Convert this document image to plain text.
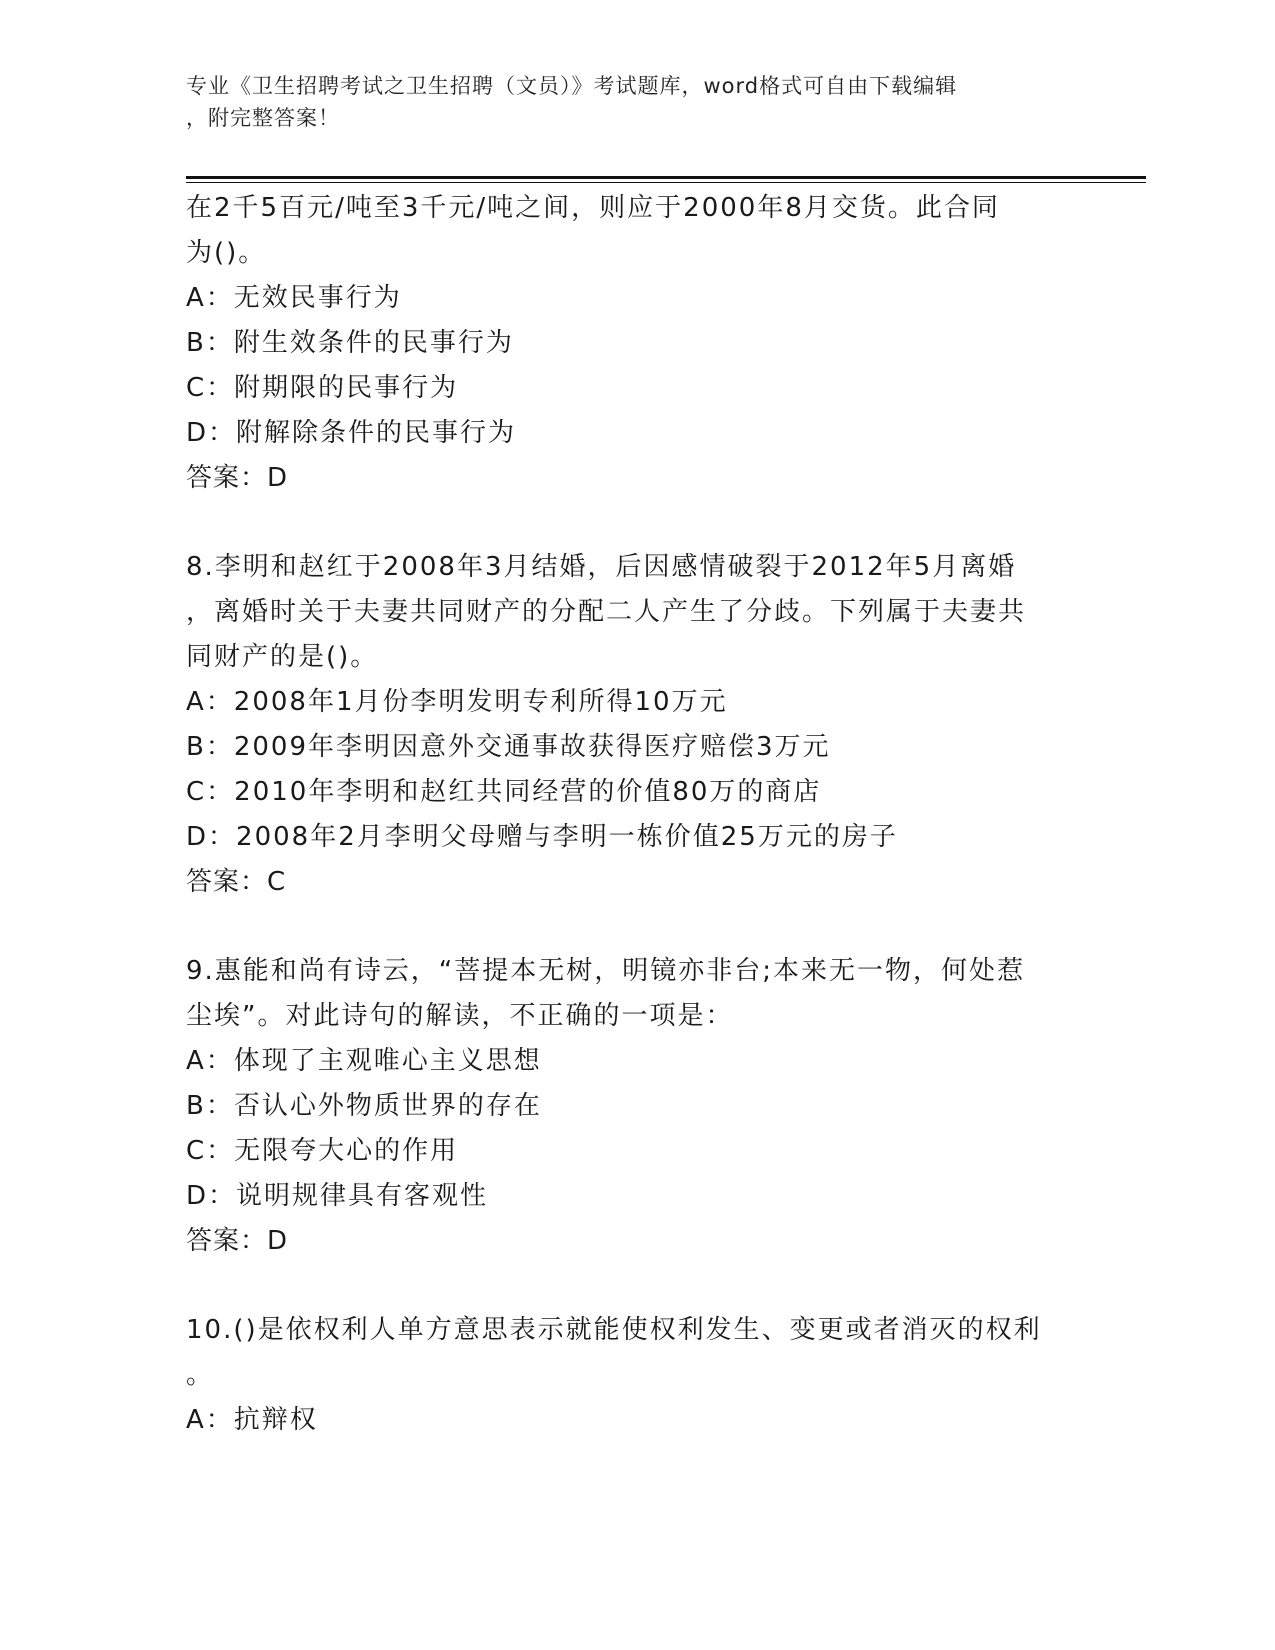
专业《卫生招聘考试之卫生招聘（文员）》考试题库，word格式可自由下载编辑
，附完整答案！
在2千5百元/吨至3千元/吨之间，则应于2000年8月交货。此合同
为()。
A：无效民事行为
B：附生效条件的民事行为
C：附期限的民事行为
D：附解除条件的民事行为
答案：D
8.李明和赵红于2008年3月结婚，后因感情破裂于2012年5月离婚
，离婚时关于夫妻共同财产的分配二人产生了分歧。下列属于夫妻共
同财产的是()。
A：2008年1月份李明发明专利所得10万元
B：2009年李明因意外交通事故获得医疗赔偿3万元
C：2010年李明和赵红共同经营的价值80万的商店
D：2008年2月李明父母赠与李明一栋价值25万元的房子
答案：C
9.惠能和尚有诗云，“菩提本无树，明镜亦非台;本来无一物，何处惹
尘埃”。对此诗句的解读，不正确的一项是：
A：体现了主观唯心主义思想
B：否认心外物质世界的存在
C：无限夸大心的作用
D：说明规律具有客观性
答案：D
10.()是依权利人单方意思表示就能使权利发生、变更或者消灭的权利
。
A：抗辩权
